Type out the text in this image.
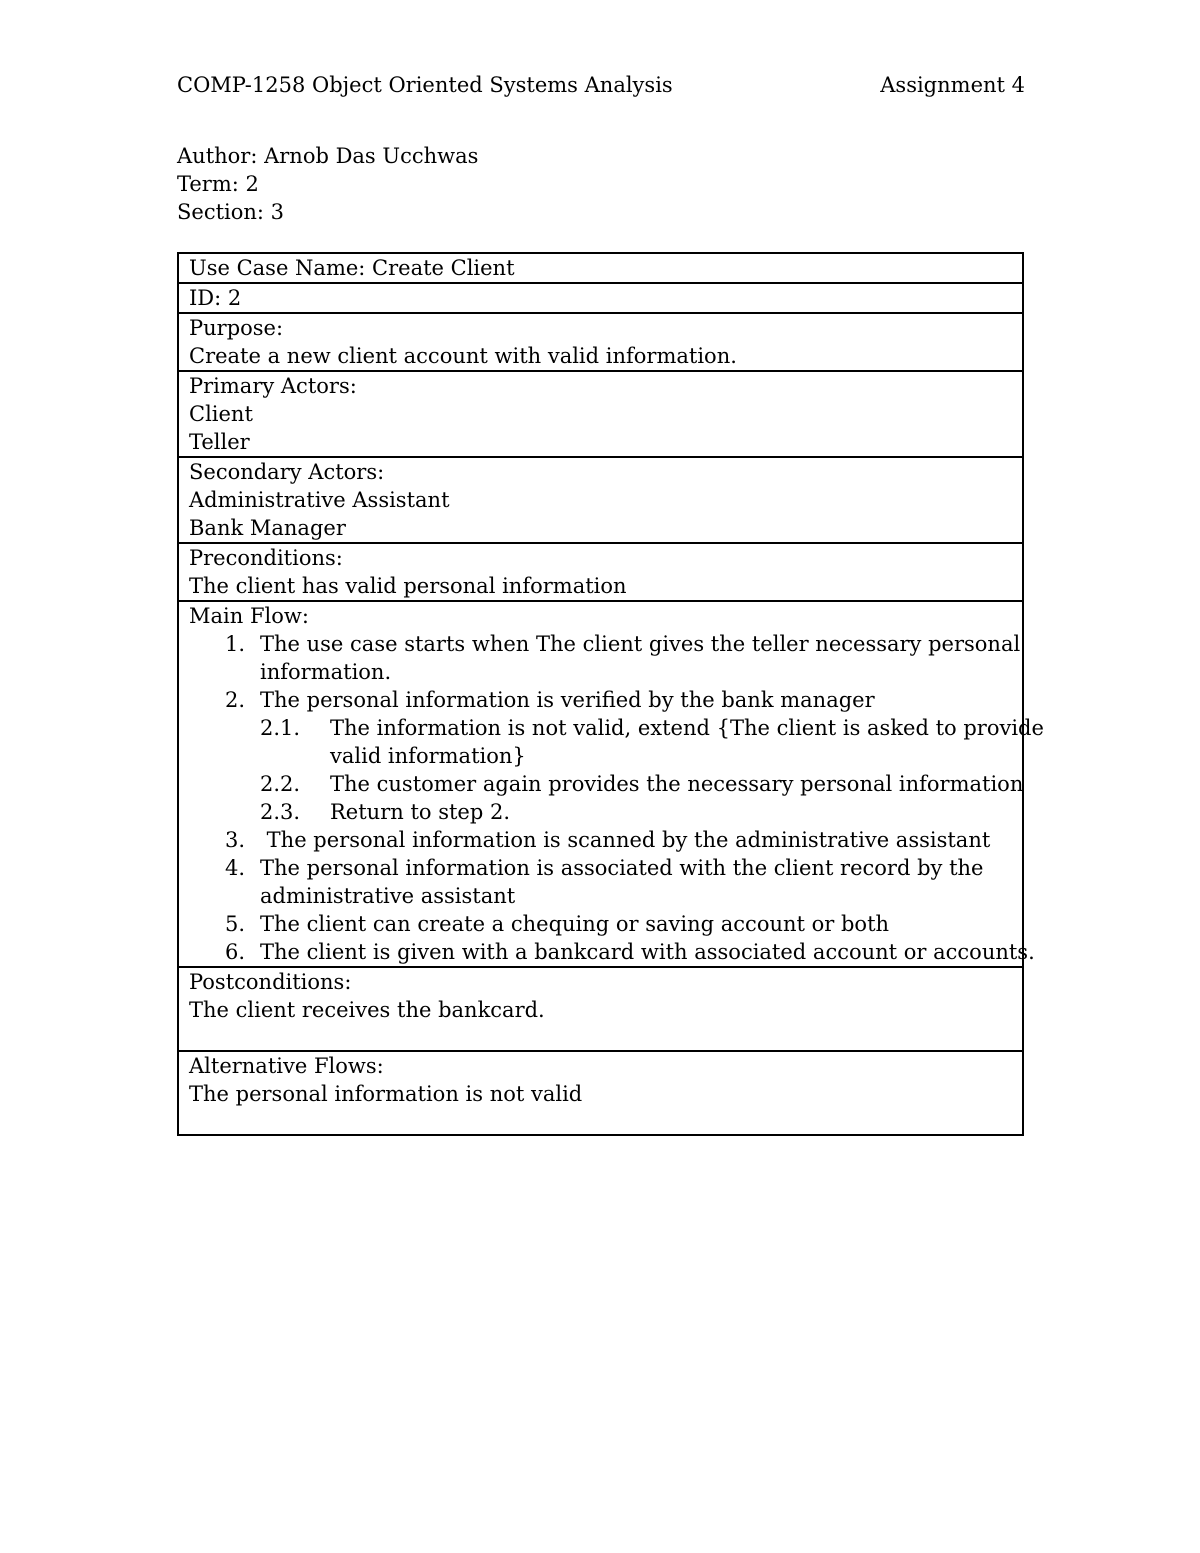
COMP-1258 Object Oriented Systems Analysis	Assignment 4
Author: Arnob Das Ucchwas
Term: 2
Section: 3
Use Case Name: Create Client
ID: 2
Purpose:
Create a new client account with valid information.
Primary Actors:
Client
Teller
Secondary Actors:
Administrative Assistant
Bank Manager
Preconditions:
The client has valid personal information
Main Flow:
1. The use case starts when The client gives the teller necessary personal
information.
2. The personal information is verified by the bank manager
2.1. The information is not valid, extend {The client is asked to provide
valid information}
2.2. The customer again provides the necessary personal information
2.3. Return to step 2.
3. The personal information is scanned by the administrative assistant
4. The personal information is associated with the client record by the
administrative assistant
5. The client can create a chequing or saving account or both
6. The client is given with a bankcard with associated account or accounts.
Postconditions:
The client receives the bankcard.
Alternative Flows:
The personal information is not valid
